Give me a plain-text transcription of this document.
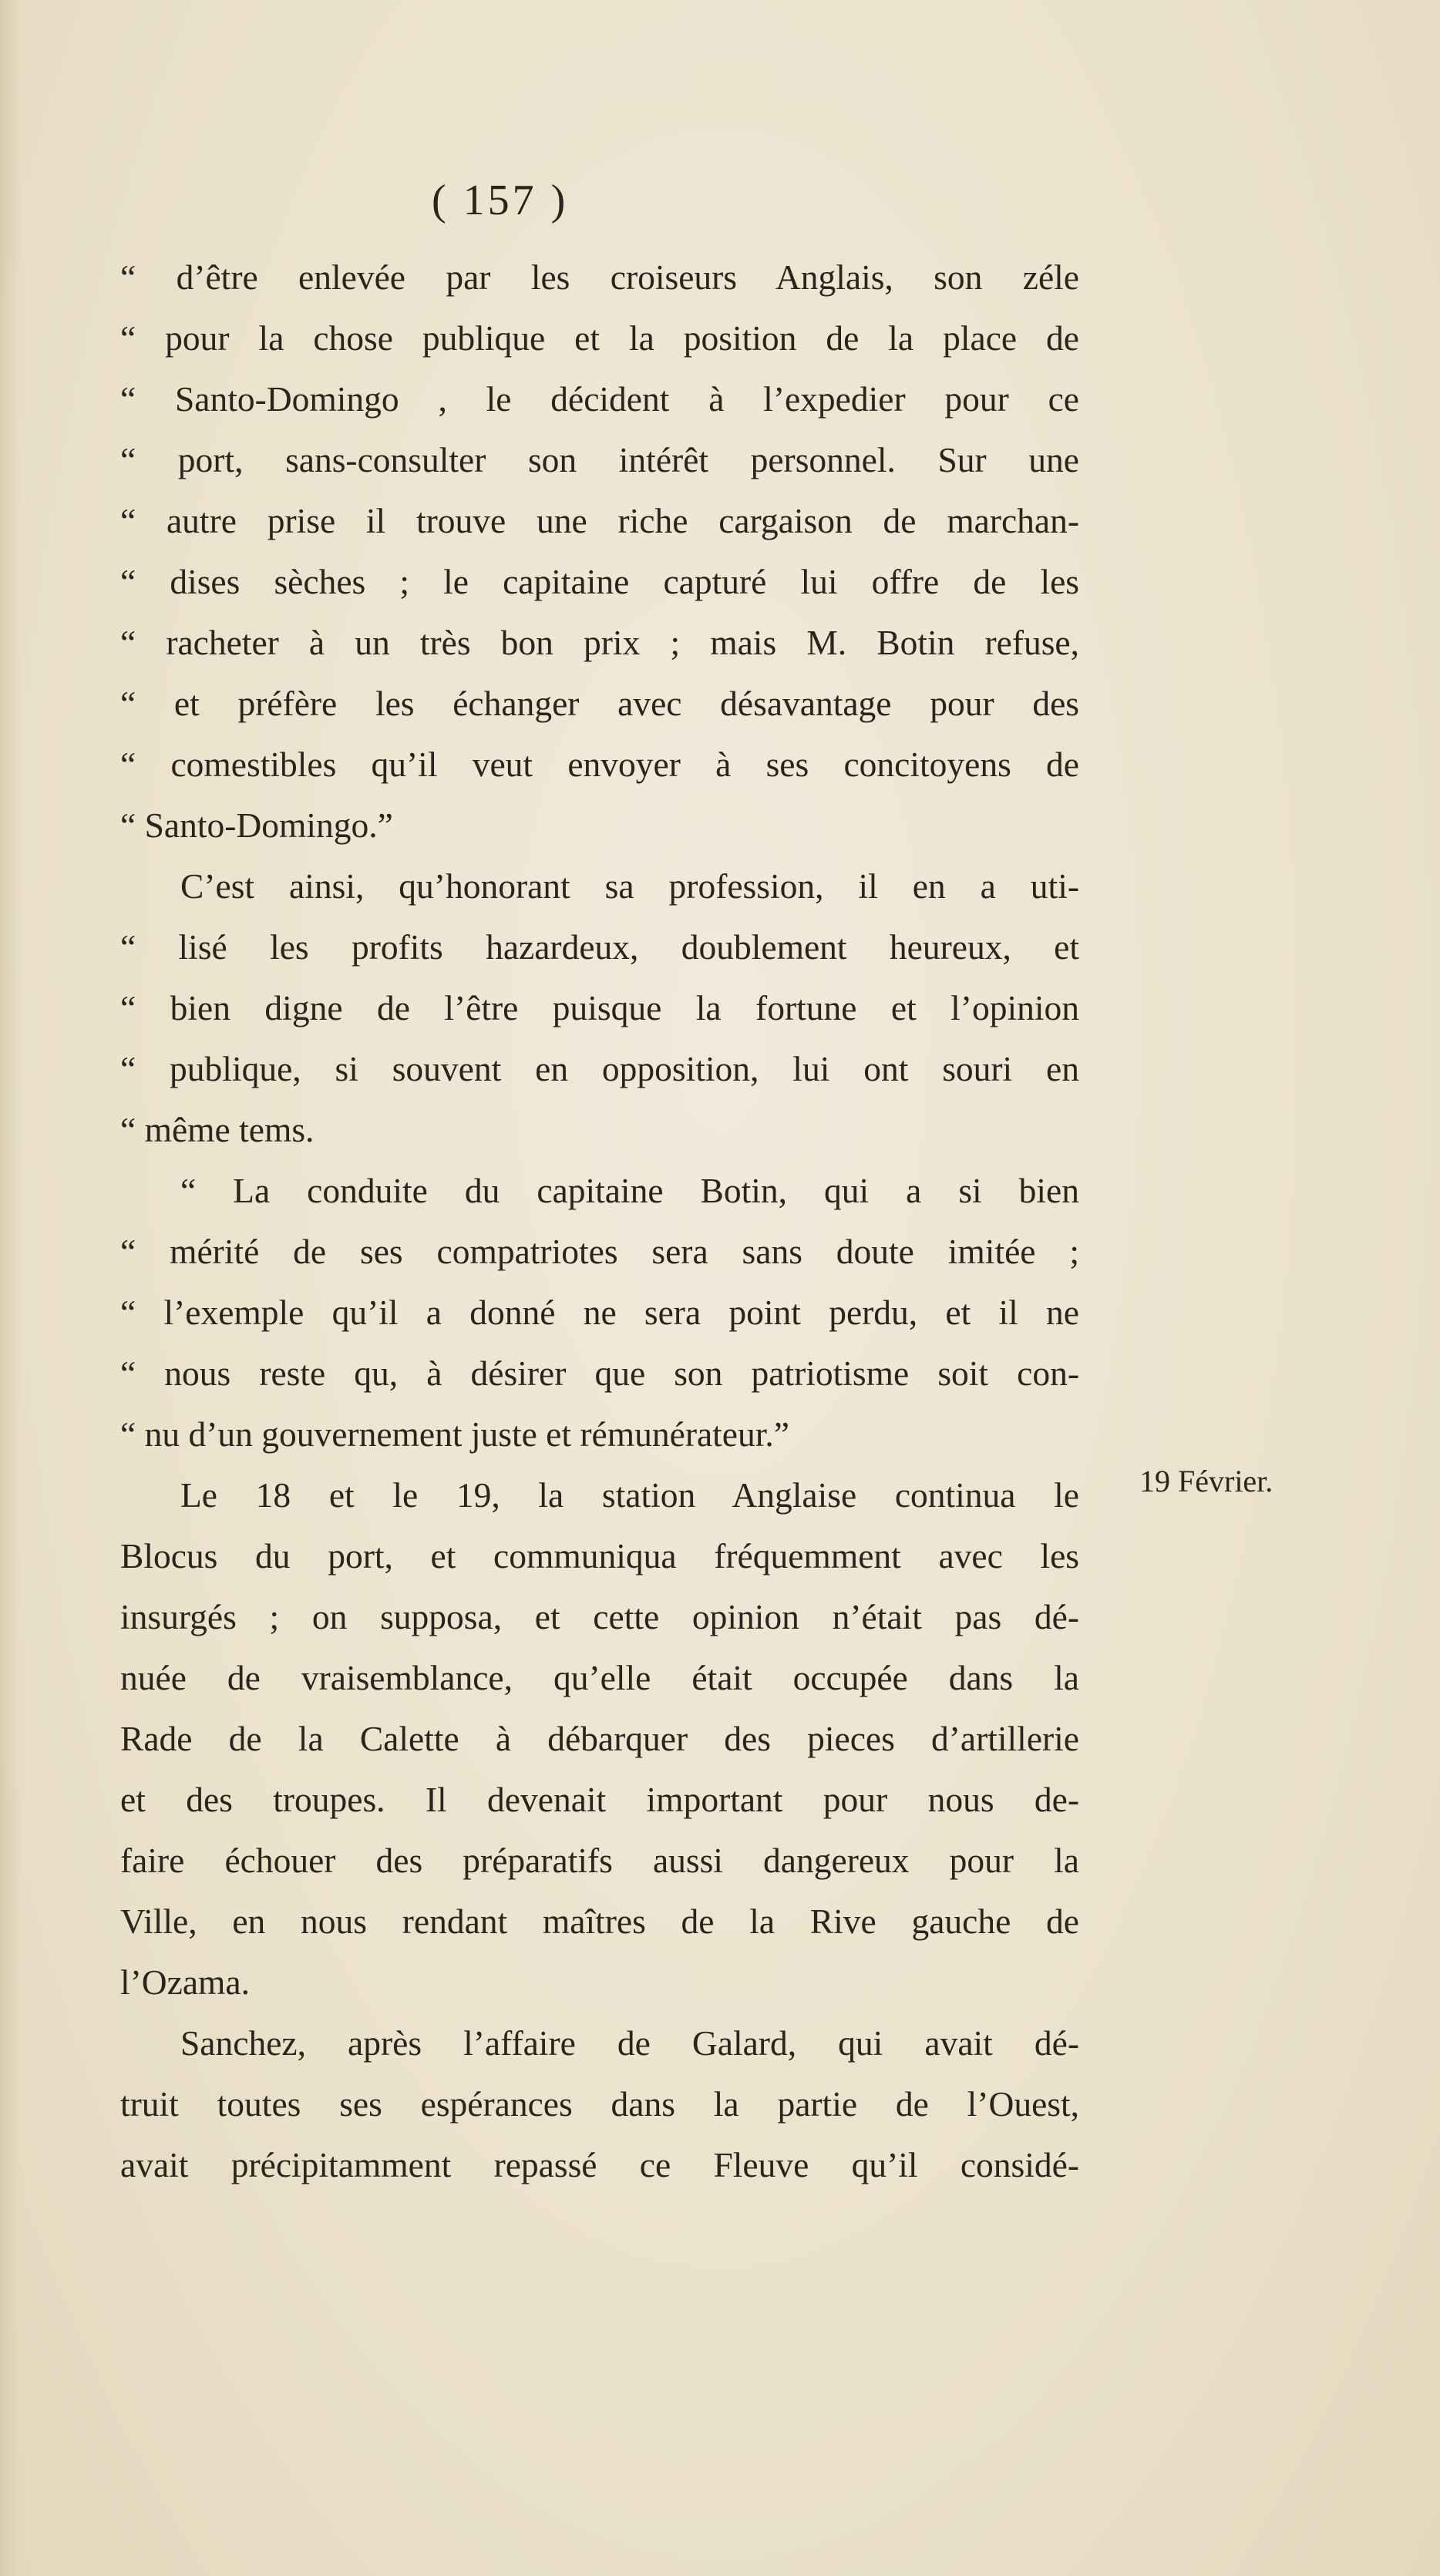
( 157 )
“ d’être enlevée par les croiseurs Anglais, son zéle
“ pour la chose publique et la position de la place de
“ Santo-Domingo , le décident à l’expedier pour ce
“ port, sans-consulter son intérêt personnel. Sur une
“ autre prise il trouve une riche cargaison de marchan-
“ dises sèches ; le capitaine capturé lui offre de les
“ racheter à un très bon prix ; mais M. Botin refuse,
“ et préfère les échanger avec désavantage pour des
“ comestibles qu’il veut envoyer à ses concitoyens de
“ Santo-Domingo.”
C’est ainsi, qu’honorant sa profession, il en a uti-
“ lisé les profits hazardeux, doublement heureux, et
“ bien digne de l’être puisque la fortune et l’opinion
“ publique, si souvent en opposition, lui ont souri en
“ même tems.
“ La conduite du capitaine Botin, qui a si bien
“ mérité de ses compatriotes sera sans doute imitée ;
“ l’exemple qu’il a donné ne sera point perdu, et il ne
“ nous reste qu, à désirer que son patriotisme soit con-
“ nu d’un gouvernement juste et rémunérateur.”
Le 18 et le 19, la station Anglaise continua le
Blocus du port, et communiqua fréquemment avec les
insurgés ; on supposa, et cette opinion n’était pas dé-
nuée de vraisemblance, qu’elle était occupée dans la
Rade de la Calette à débarquer des pieces d’artillerie
et des troupes. Il devenait important pour nous de-
faire échouer des préparatifs aussi dangereux pour la
Ville, en nous rendant maîtres de la Rive gauche de
l’Ozama.
Sanchez, après l’affaire de Galard, qui avait dé-
truit toutes ses espérances dans la partie de l’Ouest,
avait précipitamment repassé ce Fleuve qu’il considé-
19 Février.
